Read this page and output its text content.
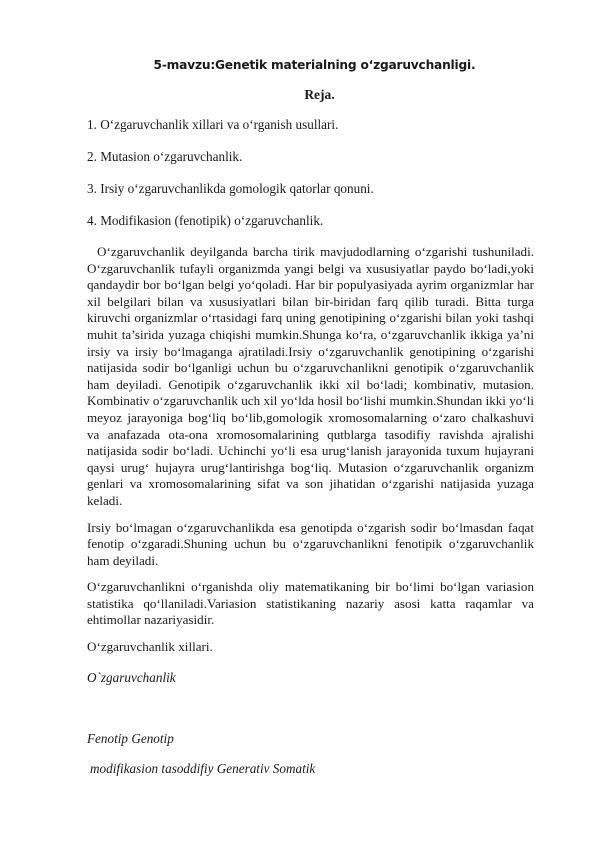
5-mavzu:Genetik materialning o‘zgaruvchanligi.
Reja.

1. O‘zgaruvchanlik xillari va o‘rganish usullari.

2. Mutasion o‘zgaruvchanlik.

3. Irsiy o‘zgaruvchanlikda gomologik qatorlar qonuni.

4. Modifikasion (fenotipik) o‘zgaruvchanlik.

O‘zgaruvchanlik deyilganda barcha tirik mavjudodlarning o‘zgarishi tushuniladi. O‘zgaruvchanlik tufayli organizmda yangi belgi va xususiyatlar paydo bo‘ladi,yoki qandaydir bor bo‘lgan belgi yo‘qoladi. Har bir populyasiyada ayrim organizmlar har xil belgilari bilan va xususiyatlari bilan bir-biridan farq qilib turadi. Bitta turga kiruvchi organizmlar o‘rtasidagi farq uning genotipining o‘zgarishi bilan yoki tashqi muhit ta’sirida yuzaga chiqishi mumkin.Shunga ko‘ra, o‘zgaruvchanlik ikkiga ya’ni irsiy va irsiy bo‘lmaganga ajratiladi.Irsiy o‘zgaruvchanlik genotipining o‘zgarishi natijasida sodir bo‘lganligi uchun bu o‘zgaruvchanlikni genotipik o‘zgaruvchanlik ham deyiladi. Genotipik o‘zgaruvchanlik ikki xil bo‘ladi; kombinativ, mutasion. Kombinativ o‘zgaruvchanlik uch xil yo‘lda hosil bo‘lishi mumkin.Shundan ikki yo‘li meyoz jarayoniga bog‘liq bo‘lib,gomologik xromosomalarning o‘zaro chalkashuvi va anafazada ota-ona xromosomalarining qutblarga tasodifiy ravishda ajralishi natijasida sodir bo‘ladi. Uchinchi yo‘li esa urug‘lanish jarayonida tuxum hujayrani qaysi urug‘ hujayra urug‘lantirishga bog‘liq. Mutasion o‘zgaruvchanlik organizm genlari va xromosomalarining sifat va son jihatidan o‘zgarishi natijasida yuzaga keladi.

Irsiy bo‘lmagan o‘zgaruvchanlikda esa genotipda o‘zgarish sodir bo‘lmasdan faqat fenotip o‘zgaradi.Shuning uchun bu o‘zgaruvchanlikni fenotipik o‘zgaruvchanlik ham deyiladi.

O‘zgaruvchanlikni o‘rganishda oliy matematikaning bir bo‘limi bo‘lgan variasion statistika qo‘llaniladi.Variasion statistikaning nazariy asosi katta raqamlar va ehtimollar nazariyasidir.

O‘zgaruvchanlik xillari.

O`zgaruvchanlik
Fenotip Genotip
modifikasion tasoddifiy Generativ Somatik
